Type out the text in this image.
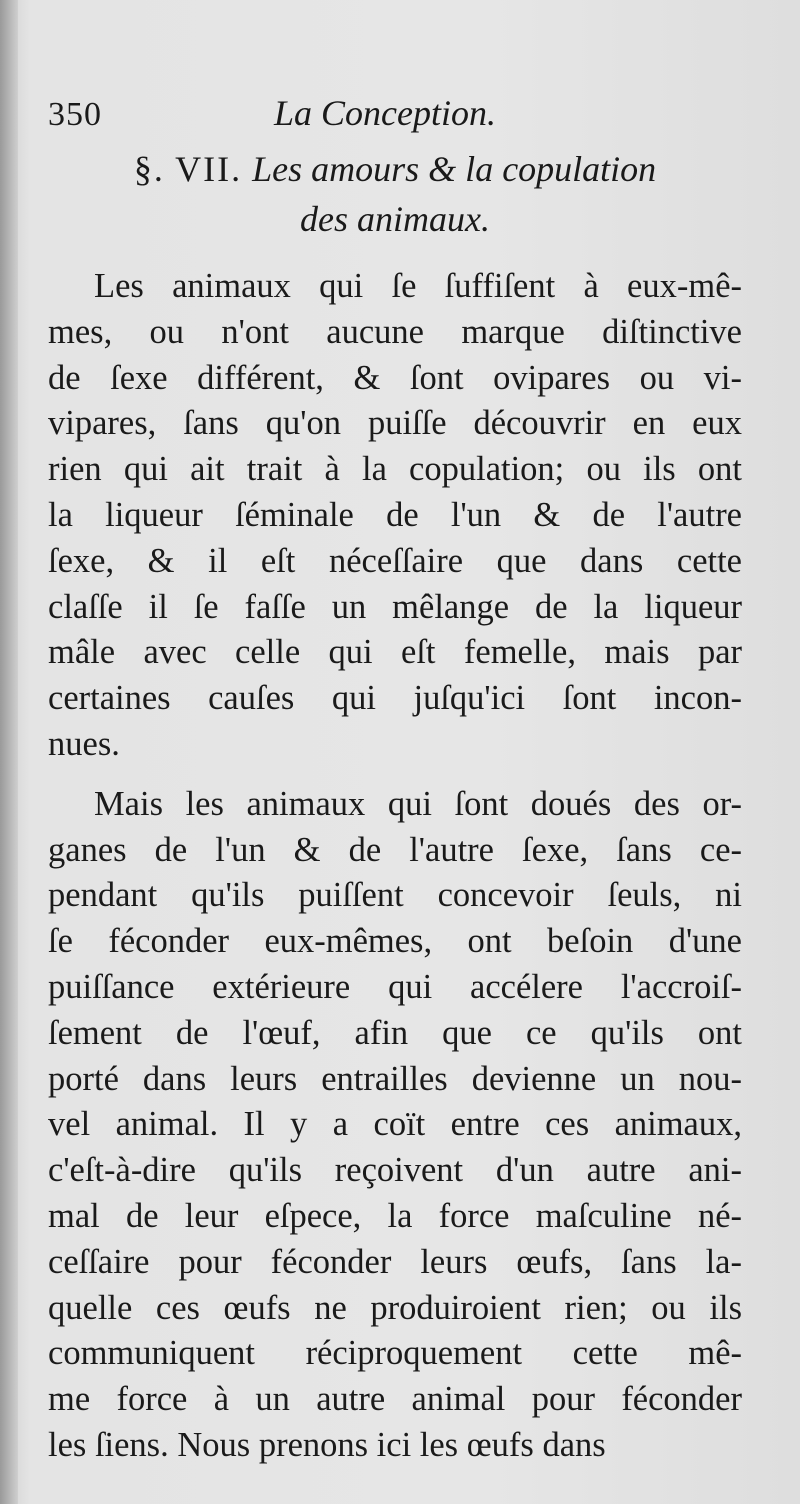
350	La Conception.
§. VII. Les amours & la copulation
des animaux.
Les animaux qui ſe ſuffiſent à eux-mê-
mes, ou n'ont aucune marque diſtinctive
de ſexe différent, & ſont ovipares ou vi-
vipares, ſans qu'on puiſſe découvrir en eux
rien qui ait trait à la copulation; ou ils ont
la liqueur ſéminale de l'un & de l'autre
ſexe, & il eſt néceſſaire que dans cette
claſſe il ſe faſſe un mêlange de la liqueur
mâle avec celle qui eſt femelle, mais par
certaines cauſes qui juſqu'ici ſont incon-
nues.
Mais les animaux qui ſont doués des or-
ganes de l'un & de l'autre ſexe, ſans ce-
pendant qu'ils puiſſent concevoir ſeuls, ni
ſe féconder eux-mêmes, ont beſoin d'une
puiſſance extérieure qui accélere l'accroiſ-
ſement de l'œuf, afin que ce qu'ils ont
porté dans leurs entrailles devienne un nou-
vel animal. Il y a coït entre ces animaux,
c'eſt-à-dire qu'ils reçoivent d'un autre ani-
mal de leur eſpece, la force maſculine né-
ceſſaire pour féconder leurs œufs, ſans la-
quelle ces œufs ne produiroient rien; ou ils
communiquent réciproquement cette mê-
me force à un autre animal pour féconder
les ſiens. Nous prenons ici les œufs dans
